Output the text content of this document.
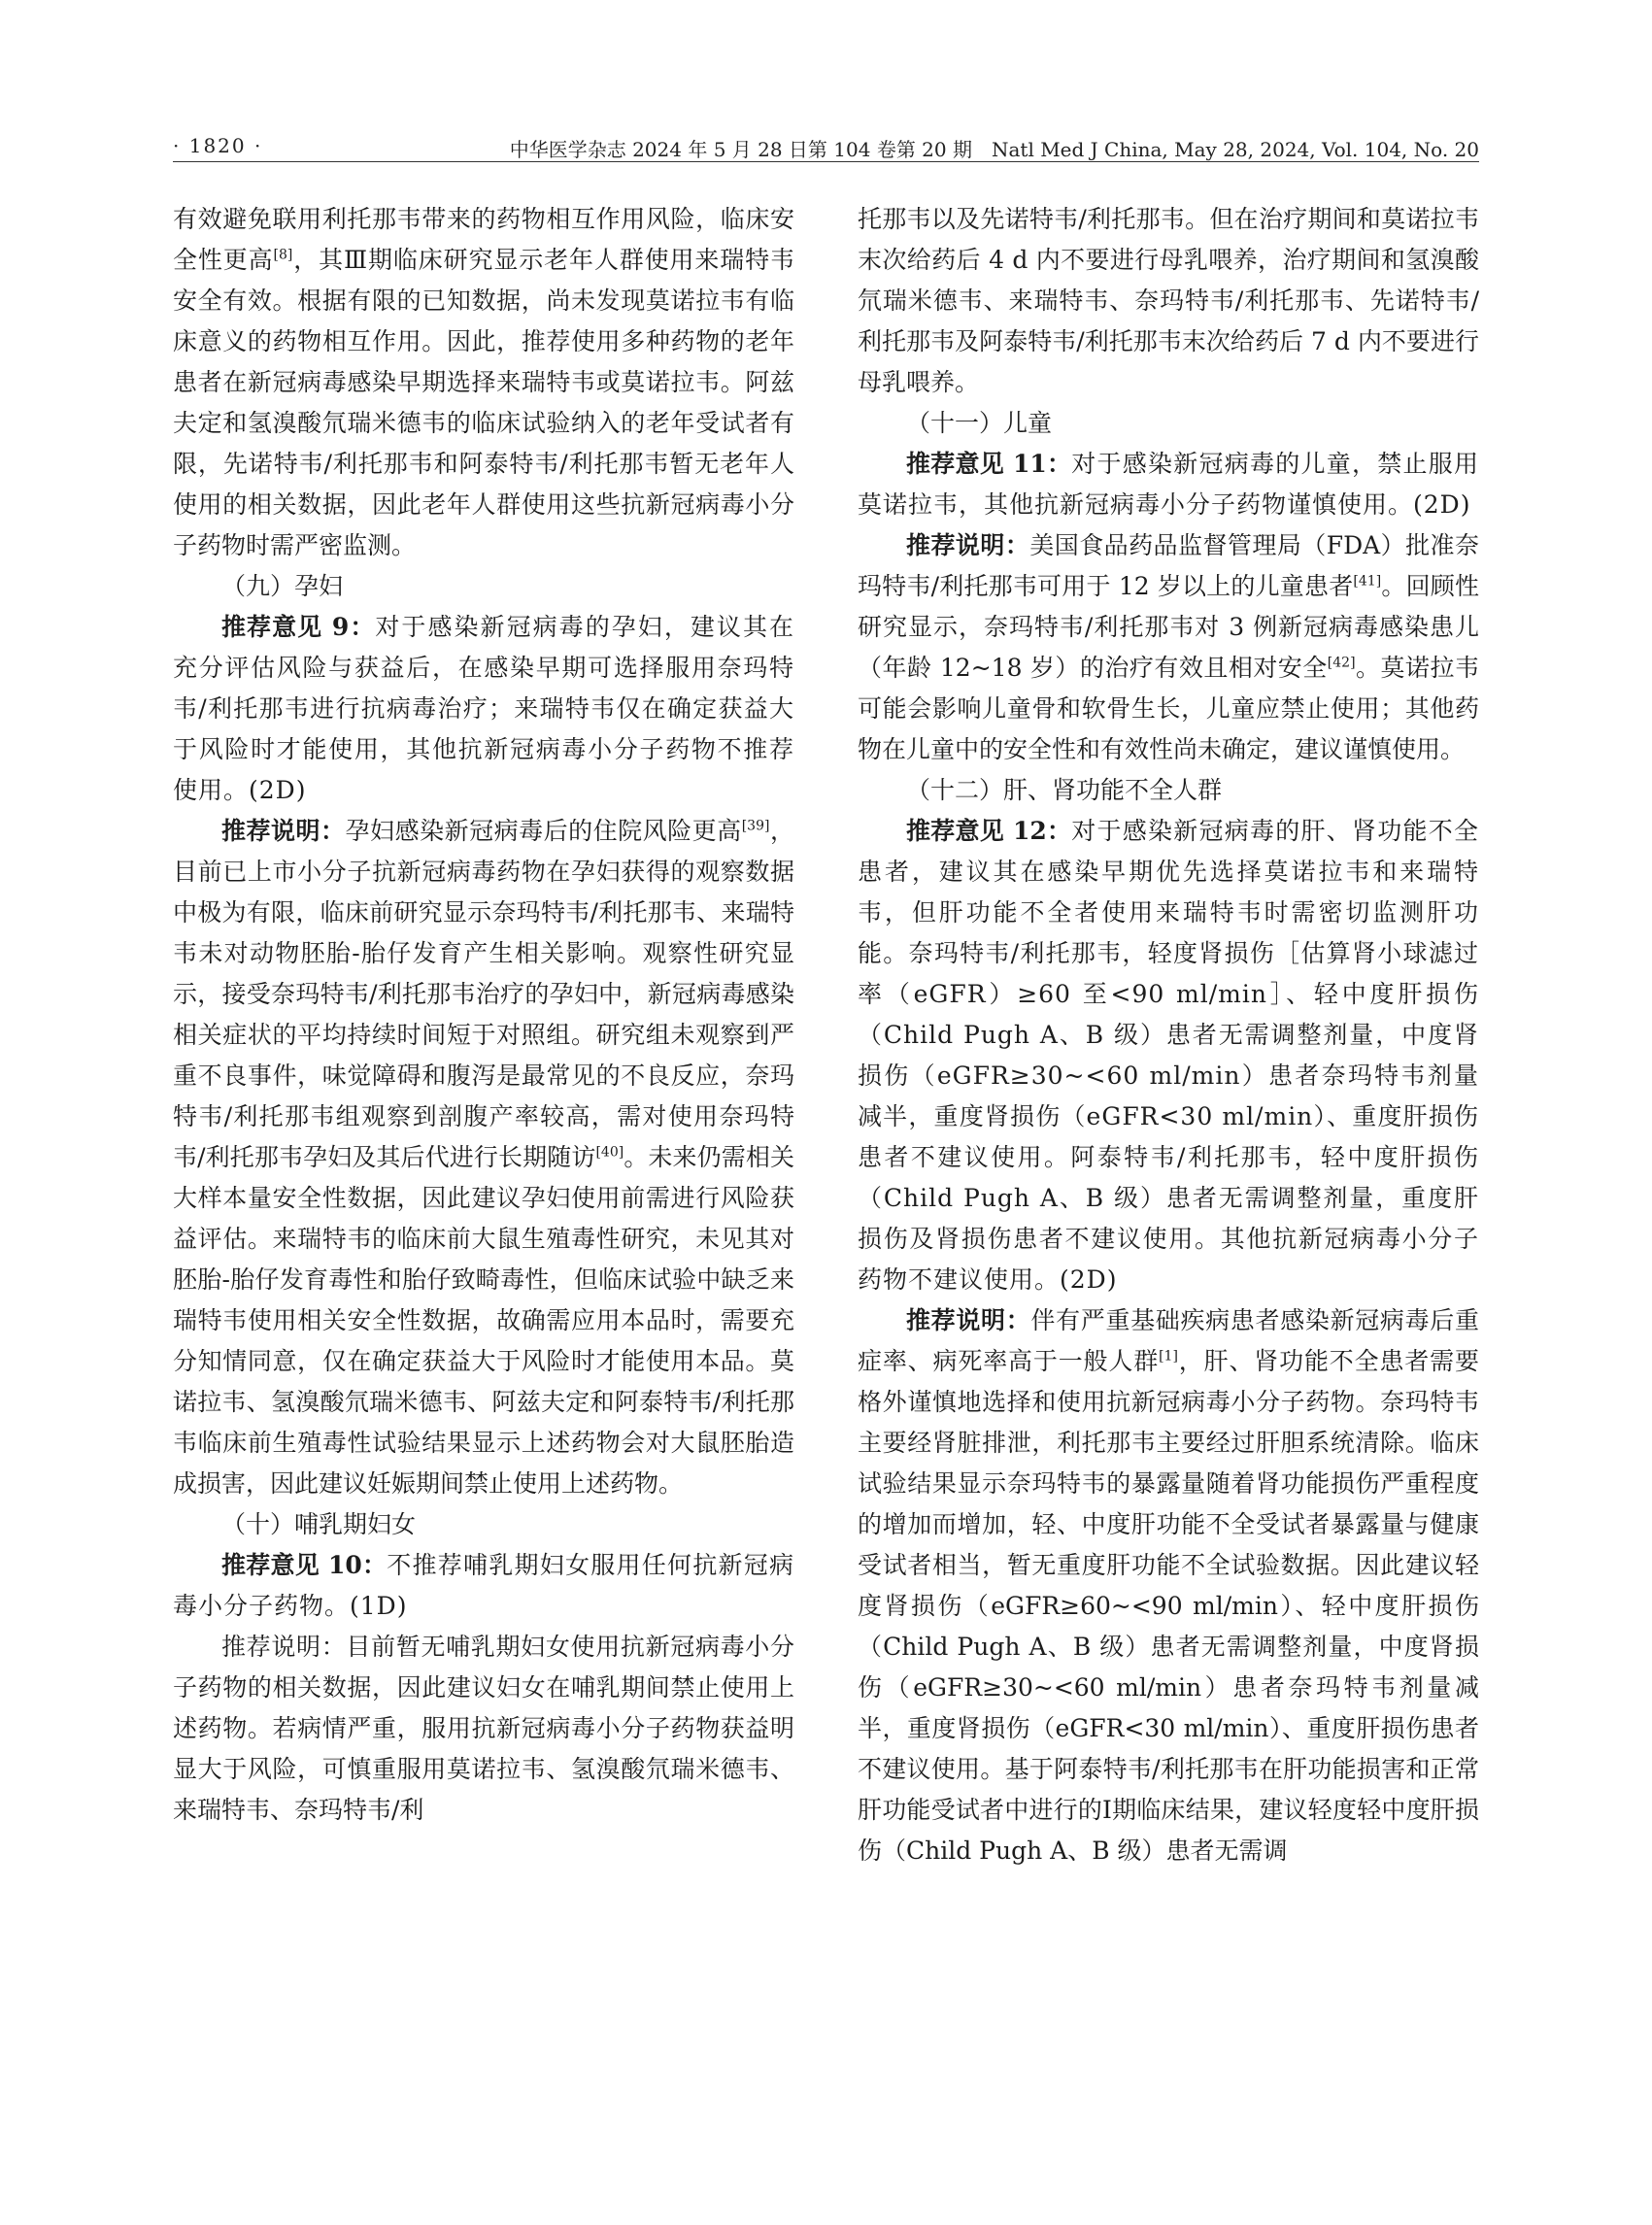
· 1820 ·	中华医学杂志 2024 年 5 月 28 日第 104 卷第 20 期　Natl Med J China, May 28, 2024, Vol. 104, No. 20

有效避免联用利托那韦带来的药物相互作用风险，临床安全性更高[8]，其Ⅲ期临床研究显示老年人群使用来瑞特韦安全有效。根据有限的已知数据，尚未发现莫诺拉韦有临床意义的药物相互作用。因此，推荐使用多种药物的老年患者在新冠病毒感染早期选择来瑞特韦或莫诺拉韦。阿兹夫定和氢溴酸氘瑞米德韦的临床试验纳入的老年受试者有限，先诺特韦/利托那韦和阿泰特韦/利托那韦暂无老年人使用的相关数据，因此老年人群使用这些抗新冠病毒小分子药物时需严密监测。

（九）孕妇

推荐意见 9：对于感染新冠病毒的孕妇，建议其在充分评估风险与获益后，在感染早期可选择服用奈玛特韦/利托那韦进行抗病毒治疗；来瑞特韦仅在确定获益大于风险时才能使用，其他抗新冠病毒小分子药物不推荐使用。(2D)

推荐说明：孕妇感染新冠病毒后的住院风险更高[39]，目前已上市小分子抗新冠病毒药物在孕妇获得的观察数据中极为有限，临床前研究显示奈玛特韦/利托那韦、来瑞特韦未对动物胚胎-胎仔发育产生相关影响。观察性研究显示，接受奈玛特韦/利托那韦治疗的孕妇中，新冠病毒感染相关症状的平均持续时间短于对照组。研究组未观察到严重不良事件，味觉障碍和腹泻是最常见的不良反应，奈玛特韦/利托那韦组观察到剖腹产率较高，需对使用奈玛特韦/利托那韦孕妇及其后代进行长期随访[40]。未来仍需相关大样本量安全性数据，因此建议孕妇使用前需进行风险获益评估。来瑞特韦的临床前大鼠生殖毒性研究，未见其对胚胎-胎仔发育毒性和胎仔致畸毒性，但临床试验中缺乏来瑞特韦使用相关安全性数据，故确需应用本品时，需要充分知情同意，仅在确定获益大于风险时才能使用本品。莫诺拉韦、氢溴酸氘瑞米德韦、阿兹夫定和阿泰特韦/利托那韦临床前生殖毒性试验结果显示上述药物会对大鼠胚胎造成损害，因此建议妊娠期间禁止使用上述药物。

（十）哺乳期妇女

推荐意见 10：不推荐哺乳期妇女服用任何抗新冠病毒小分子药物。(1D)

推荐说明：目前暂无哺乳期妇女使用抗新冠病毒小分子药物的相关数据，因此建议妇女在哺乳期间禁止使用上述药物。若病情严重，服用抗新冠病毒小分子药物获益明显大于风险，可慎重服用莫诺拉韦、氢溴酸氘瑞米德韦、来瑞特韦、奈玛特韦/利

托那韦以及先诺特韦/利托那韦。但在治疗期间和莫诺拉韦末次给药后 4 d 内不要进行母乳喂养，治疗期间和氢溴酸氘瑞米德韦、来瑞特韦、奈玛特韦/利托那韦、先诺特韦/利托那韦及阿泰特韦/利托那韦末次给药后 7 d 内不要进行母乳喂养。

（十一）儿童

推荐意见 11：对于感染新冠病毒的儿童，禁止服用莫诺拉韦，其他抗新冠病毒小分子药物谨慎使用。(2D)

推荐说明：美国食品药品监督管理局（FDA）批准奈玛特韦/利托那韦可用于 12 岁以上的儿童患者[41]。回顾性研究显示，奈玛特韦/利托那韦对 3 例新冠病毒感染患儿（年龄 12~18 岁）的治疗有效且相对安全[42]。莫诺拉韦可能会影响儿童骨和软骨生长，儿童应禁止使用；其他药物在儿童中的安全性和有效性尚未确定，建议谨慎使用。

（十二）肝、肾功能不全人群

推荐意见 12：对于感染新冠病毒的肝、肾功能不全患者，建议其在感染早期优先选择莫诺拉韦和来瑞特韦，但肝功能不全者使用来瑞特韦时需密切监测肝功能。奈玛特韦/利托那韦，轻度肾损伤［估算肾小球滤过率（eGFR）≥60 至<90 ml/min］、轻中度肝损伤（Child Pugh A、B 级）患者无需调整剂量，中度肾损伤（eGFR≥30~<60 ml/min）患者奈玛特韦剂量减半，重度肾损伤（eGFR<30 ml/min）、重度肝损伤患者不建议使用。阿泰特韦/利托那韦，轻中度肝损伤（Child Pugh A、B 级）患者无需调整剂量，重度肝损伤及肾损伤患者不建议使用。其他抗新冠病毒小分子药物不建议使用。(2D)

推荐说明：伴有严重基础疾病患者感染新冠病毒后重症率、病死率高于一般人群[1]，肝、肾功能不全患者需要格外谨慎地选择和使用抗新冠病毒小分子药物。奈玛特韦主要经肾脏排泄，利托那韦主要经过肝胆系统清除。临床试验结果显示奈玛特韦的暴露量随着肾功能损伤严重程度的增加而增加，轻、中度肝功能不全受试者暴露量与健康受试者相当，暂无重度肝功能不全试验数据。因此建议轻度肾损伤（eGFR≥60~<90 ml/min）、轻中度肝损伤（Child Pugh A、B 级）患者无需调整剂量，中度肾损伤（eGFR≥30~<60 ml/min）患者奈玛特韦剂量减半，重度肾损伤（eGFR<30 ml/min）、重度肝损伤患者不建议使用。基于阿泰特韦/利托那韦在肝功能损害和正常肝功能受试者中进行的Ⅰ期临床结果，建议轻度轻中度肝损伤（Child Pugh A、B 级）患者无需调
